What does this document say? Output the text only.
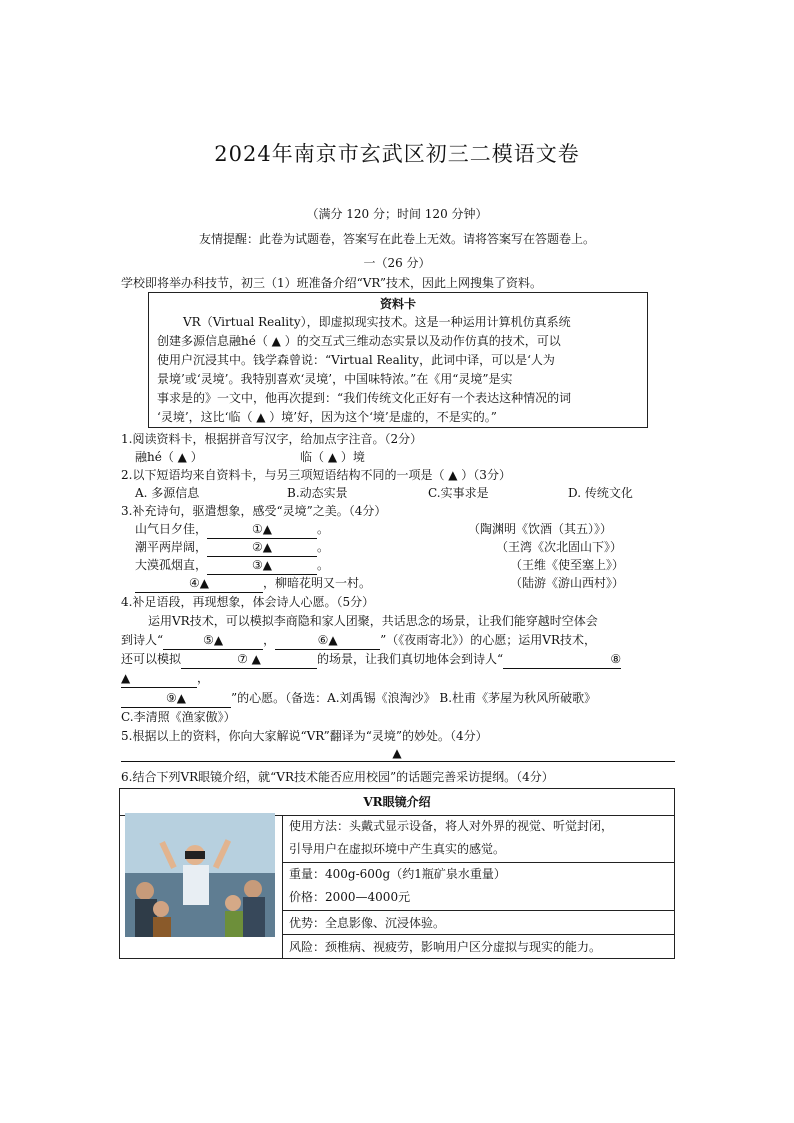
2024年南京市玄武区初三二模语文卷
（满分 120 分；时间 120 分钟）
友情提醒：此卷为试题卷，答案写在此卷上无效。请将答案写在答题卷上。
一（26 分）
学校即将举办科技节，初三（1）班准备介绍“VR”技术，因此上网搜集了资料。
资料卡
VR（Virtual Reality），即虚拟现实技术。这是一种运用计算机仿真系统
创建多源信息融hé（ ▲ ）的交互式三维动态实景以及动作仿真的技术，可以
使用户沉浸其中。钱学森曾说：“Virtual Reality，此词中译，可以是‘人为
景境’或‘灵境’。我特别喜欢‘灵境’，中国味特浓。”在《用“灵境”是实
事求是的》一文中，他再次提到：“我们传统文化正好有一个表达这种情况的词
‘灵境’，这比‘临（ ▲ ）境’好，因为这个‘境’是虚的，不是实的。”
1.阅读资料卡，根据拼音写汉字，给加点字注音。（2分）
融hé（ ▲ ）	临（ ▲ ）境
2.以下短语均来自资料卡，与另三项短语结构不同的一项是（ ▲ ）（3分）
A. 多源信息	B.动态实景	C.实事求是	D. 传统文化
3.补充诗句，驱遣想象，感受“灵境”之美。（4分）
山气日夕佳，	①▲	。	（陶渊明《饮酒（其五）》）
潮平两岸阔，	②▲	。	（王湾《次北固山下》）
大漠孤烟直，	③▲	。	（王维《使至塞上》）
④▲	，柳暗花明又一村。	（陆游《游山西村》）
4.补足语段，再现想象，体会诗人心愿。（5分）
运用VR技术，可以模拟李商隐和家人团聚，共话思念的场景，让我们能穿越时空体会
到诗人“	⑤▲	，	⑥▲	”（《夜雨寄北》）的心愿；运用VR技术，
还可以模拟	⑦ ▲	的场景，让我们真切地体会到诗人“	⑧
▲	，
⑨▲	”的心愿。（备选：A.刘禹锡《浪淘沙》 B.杜甫《茅屋为秋风所破歌》
C.李清照《渔家傲》）
5.根据以上的资料，你向大家解说“VR”翻译为“灵境”的妙处。（4分）
▲
6.结合下列VR眼镜介绍，就“VR技术能否应用校园”的话题完善采访提纲。（4分）
VR眼镜介绍
使用方法：头戴式显示设备，将人对外界的视觉、听觉封闭，
引导用户在虚拟环境中产生真实的感觉。
重量：400g-600g（约1瓶矿泉水重量）
价格：2000—4000元
优势：全息影像、沉浸体验。
风险：颈椎病、视疲劳，影响用户区分虚拟与现实的能力。
